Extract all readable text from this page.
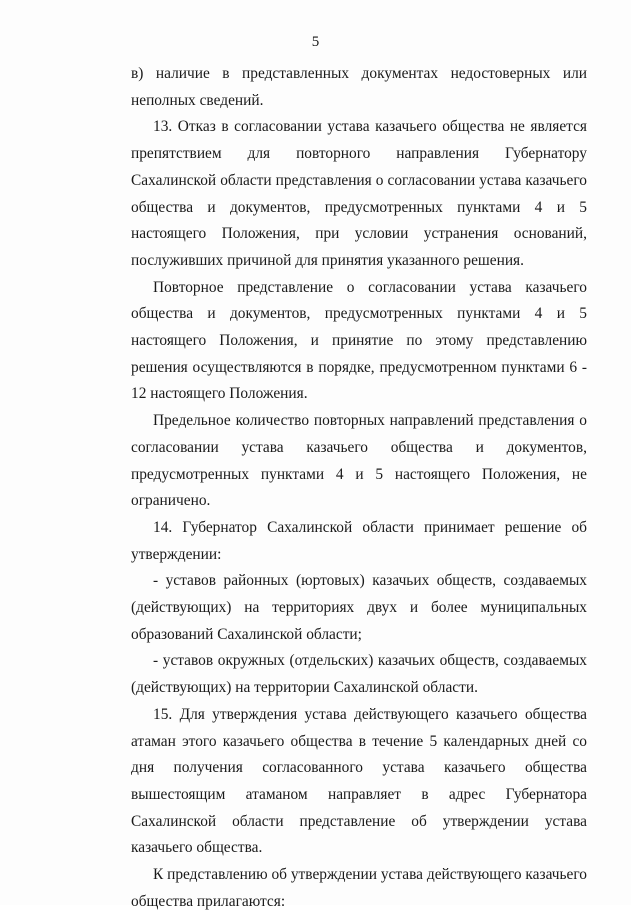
5

в) наличие в представленных документах недостоверных или неполных сведений.

13. Отказ в согласовании устава казачьего общества не является препятствием для повторного направления Губернатору Сахалинской области представления о согласовании устава казачьего общества и документов, предусмотренных пунктами 4 и 5 настоящего Положения, при условии устранения оснований, послуживших причиной для принятия указанного решения.

Повторное представление о согласовании устава казачьего общества и документов, предусмотренных пунктами 4 и 5 настоящего Положения, и принятие по этому представлению решения осуществляются в порядке, предусмотренном пунктами 6 - 12 настоящего Положения.

Предельное количество повторных направлений представления о согласовании устава казачьего общества и документов, предусмотренных пунктами 4 и 5 настоящего Положения, не ограничено.

14. Губернатор Сахалинской области принимает решение об утверждении:

- уставов районных (юртовых) казачьих обществ, создаваемых (действующих) на территориях двух и более муниципальных образований Сахалинской области;

- уставов окружных (отдельских) казачьих обществ, создаваемых (действующих) на территории Сахалинской области.

15. Для утверждения устава действующего казачьего общества атаман этого казачьего общества в течение 5 календарных дней со дня получения согласованного устава казачьего общества вышестоящим атаманом направляет в адрес Губернатора Сахалинской области представление об утверждении устава казачьего общества.

К представлению об утверждении устава действующего казачьего общества прилагаются:
